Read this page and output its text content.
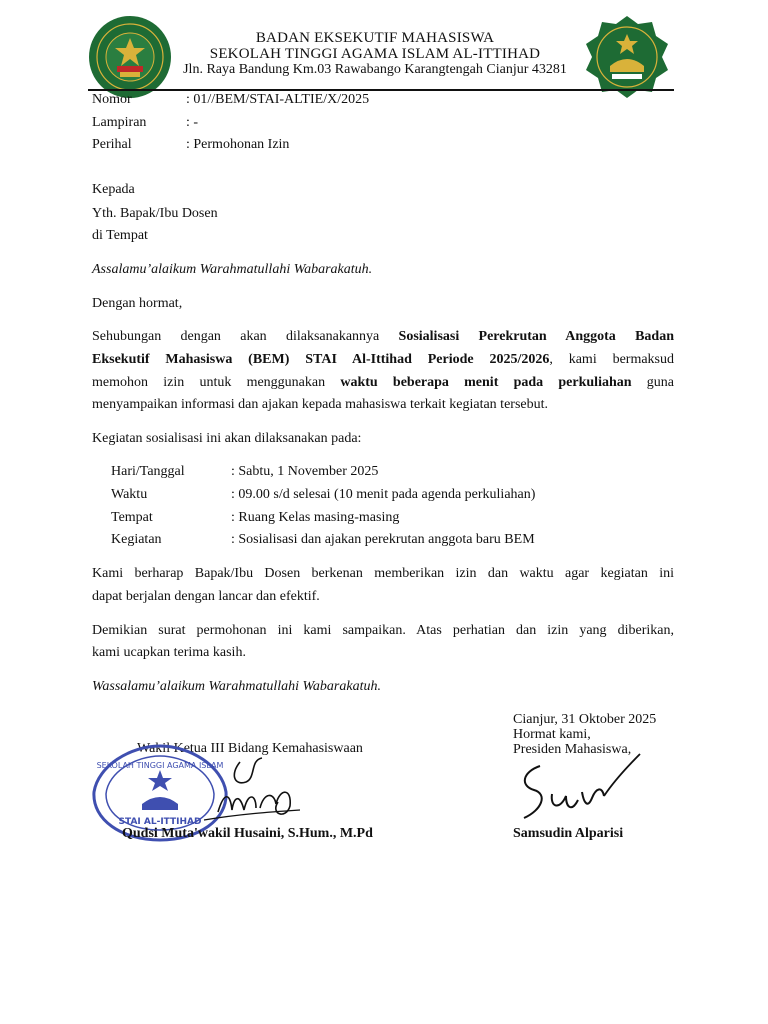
BADAN EKSEKUTIF MAHASISWA
SEKOLAH TINGGI AGAMA ISLAM AL-ITTIHAD
Jln. Raya Bandung Km.03 Rawabango Karangtengah Cianjur 43281
Nomor	: 01//BEM/STAI-ALTIE/X/2025
Lampiran	: -
Perihal	: Permohonan Izin
Kepada
Yth. Bapak/Ibu Dosen
di Tempat
Assalamu’alaikum Warahmatullahi Wabarakatuh.
Dengan hormat,
Sehubungan dengan akan dilaksanakannya Sosialisasi Perekrutan Anggota Badan
Eksekutif Mahasiswa (BEM) STAI Al-Ittihad Periode 2025/2026, kami bermaksud
memohon izin untuk menggunakan waktu beberapa menit pada perkuliahan guna
menyampaikan informasi dan ajakan kepada mahasiswa terkait kegiatan tersebut.
Kegiatan sosialisasi ini akan dilaksanakan pada:
Hari/Tanggal	: Sabtu, 1 November 2025
Waktu	: 09.00 s/d selesai (10 menit pada agenda perkuliahan)
Tempat	: Ruang Kelas masing-masing
Kegiatan	: Sosialisasi dan ajakan perekrutan anggota baru BEM
Kami berharap Bapak/Ibu Dosen berkenan memberikan izin dan waktu agar kegiatan ini
dapat berjalan dengan lancar dan efektif.
Demikian surat permohonan ini kami sampaikan. Atas perhatian dan izin yang diberikan,
kami ucapkan terima kasih.
Wassalamu’alaikum Warahmatullahi Wabarakatuh.
Cianjur, 31 Oktober 2025
Hormat kami,
Presiden Mahasiswa,
Samsudin Alparisi
Wakil Ketua III Bidang Kemahasiswaan
SEKOLAH TINGGI AGAMA ISLAM
STAI AL-ITTIHAD
Qudsi Muta'wakil Husaini, S.Hum., M.Pd
